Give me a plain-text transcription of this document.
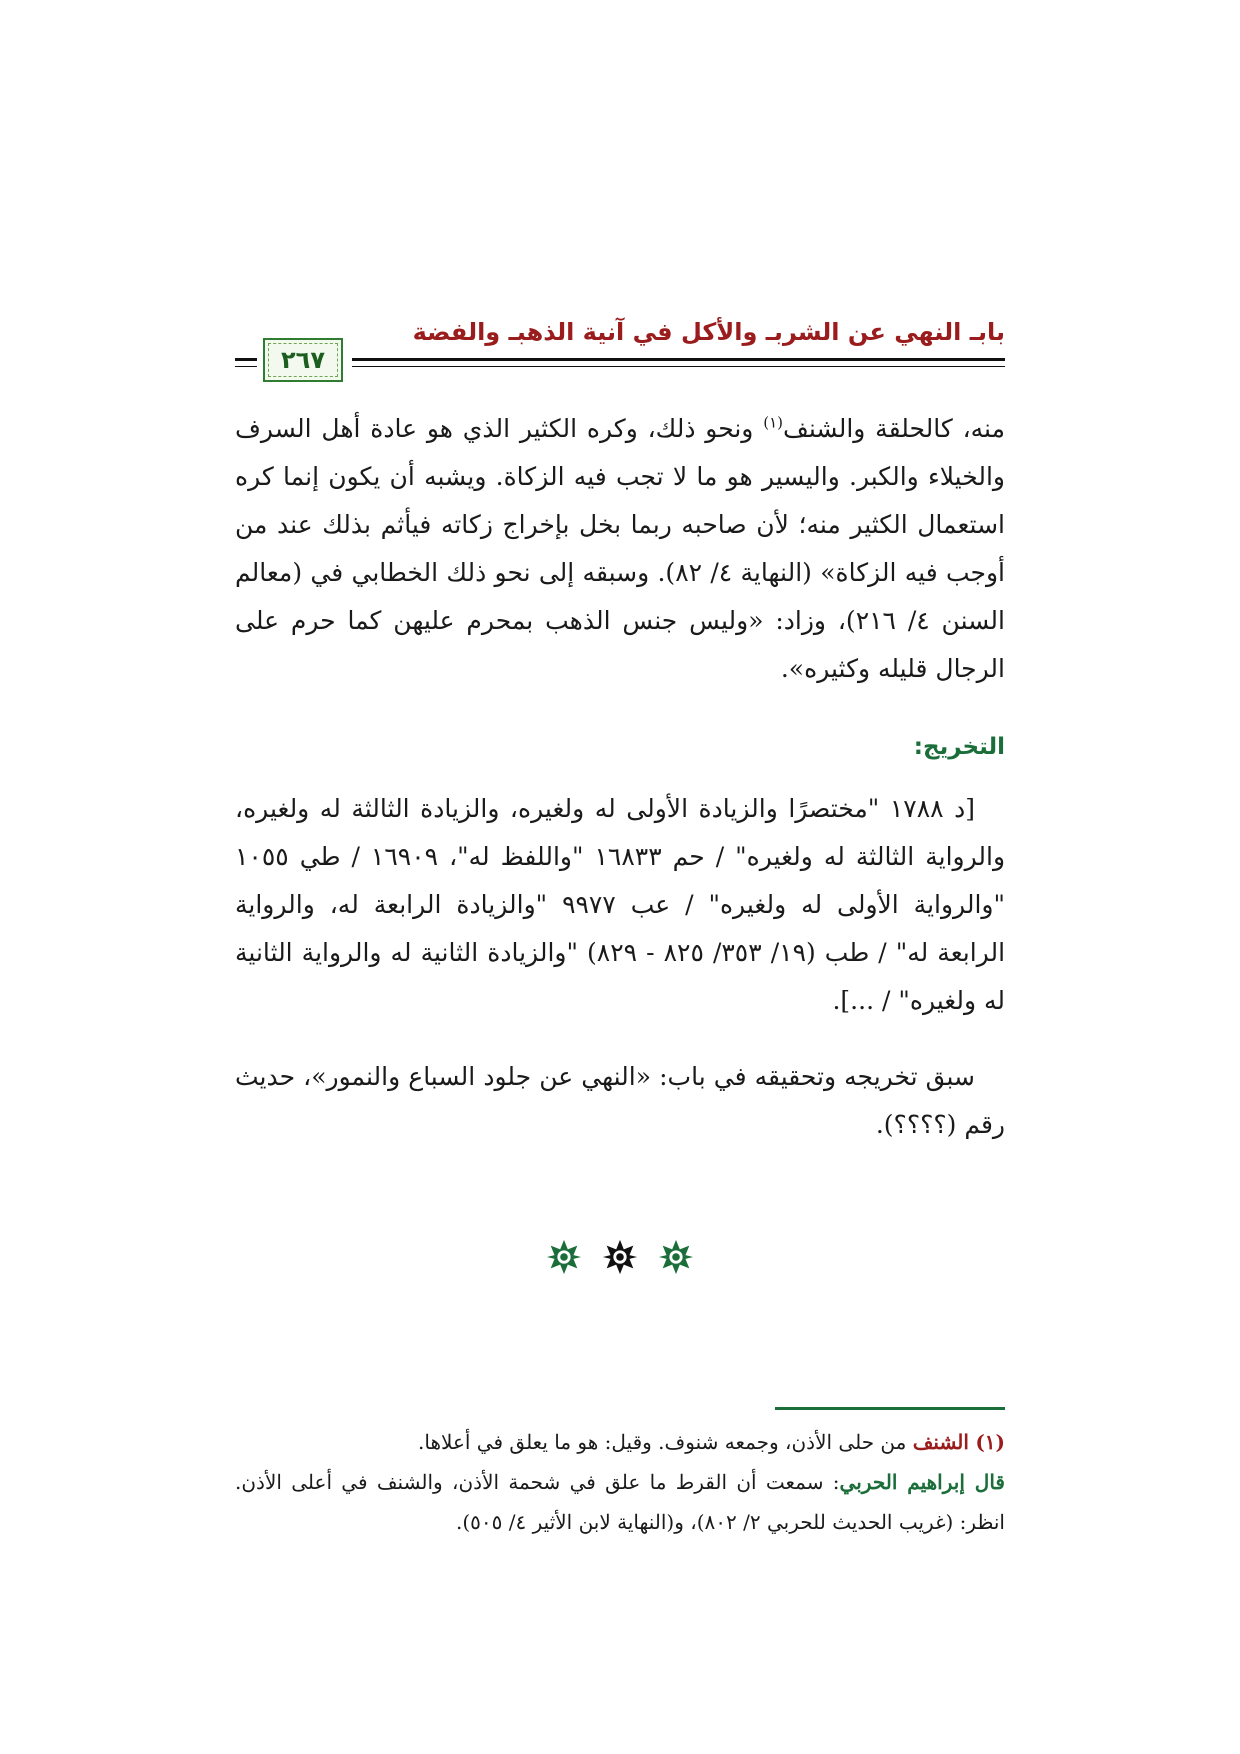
بابـ النهي عن الشربـ والأكل في آنية الذهبـ والفضة
٢٦٧
منه، كالحلقة والشنف$^{(١)}$ ونحو ذلك، وكره الكثير الذي هو عادة أهل السرف والخيلاء والكبر. واليسير هو ما لا تجب فيه الزكاة. ويشبه أن يكون إنما كره استعمال الكثير منه؛ لأن صاحبه ربما بخل بإخراج زكاته فيأثم بذلك عند من أوجب فيه الزكاة» (النهاية ٤/ ٨٢). وسبقه إلى نحو ذلك الخطابي في (معالم السنن ٤/ ٢١٦)، وزاد: «وليس جنس الذهب بمحرم عليهن كما حرم على الرجال قليله وكثيره».
التخريج:
[د ١٧٨٨ "مختصرًا والزيادة الأولى له ولغيره، والزيادة الثالثة له ولغيره، والرواية الثالثة له ولغيره" / حم ١٦٨٣٣ "واللفظ له"، ١٦٩٠٩ / طي ١٠٥٥ "والرواية الأولى له ولغيره" / عب ٩٩٧٧ "والزيادة الرابعة له، والرواية الرابعة له" / طب (١٩/ ٣٥٣/ ٨٢٥ - ٨٢٩) "والزيادة الثانية له والرواية الثانية له ولغيره" / ...].
سبق تخريجه وتحقيقه في باب: «النهي عن جلود السباع والنمور»، حديث رقم (؟؟؟؟).
(١) الشنف من حلى الأذن، وجمعه شنوف. وقيل: هو ما يعلق في أعلاها.
قال إبراهيم الحربي: سمعت أن القرط ما علق في شحمة الأذن، والشنف في أعلى الأذن. انظر: (غريب الحديث للحربي ٢/ ٨٠٢)، و(النهاية لابن الأثير ٤/ ٥٠٥).
